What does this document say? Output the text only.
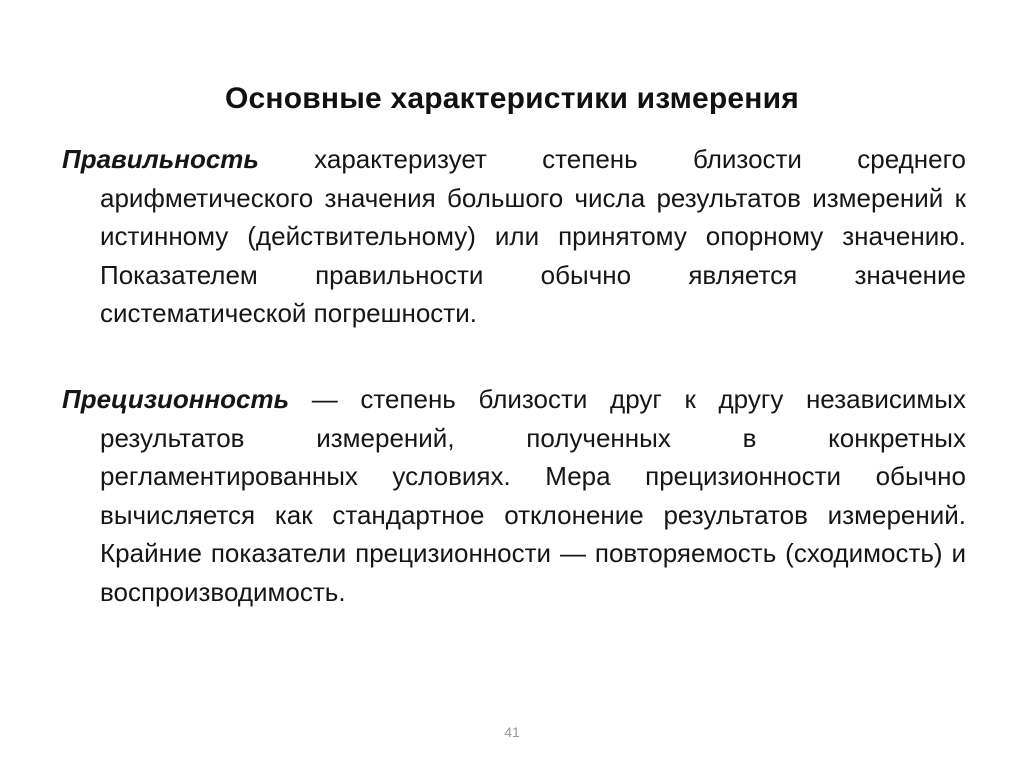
Основные характеристики измерения

Правильность характеризует степень близости среднего арифметического значения большого числа результатов измерений к истинному (действительному) или принятому опорному значению. Показателем правильности обычно является значение систематической погрешности.

Прецизионность — степень близости друг к другу независимых результатов измерений, полученных в конкретных регламентированных условиях. Мера прецизионности обычно вычисляется как стандартное отклонение результатов измерений. Крайние показатели прецизионности — повторяемость (сходимость) и воспроизводимость.

41
